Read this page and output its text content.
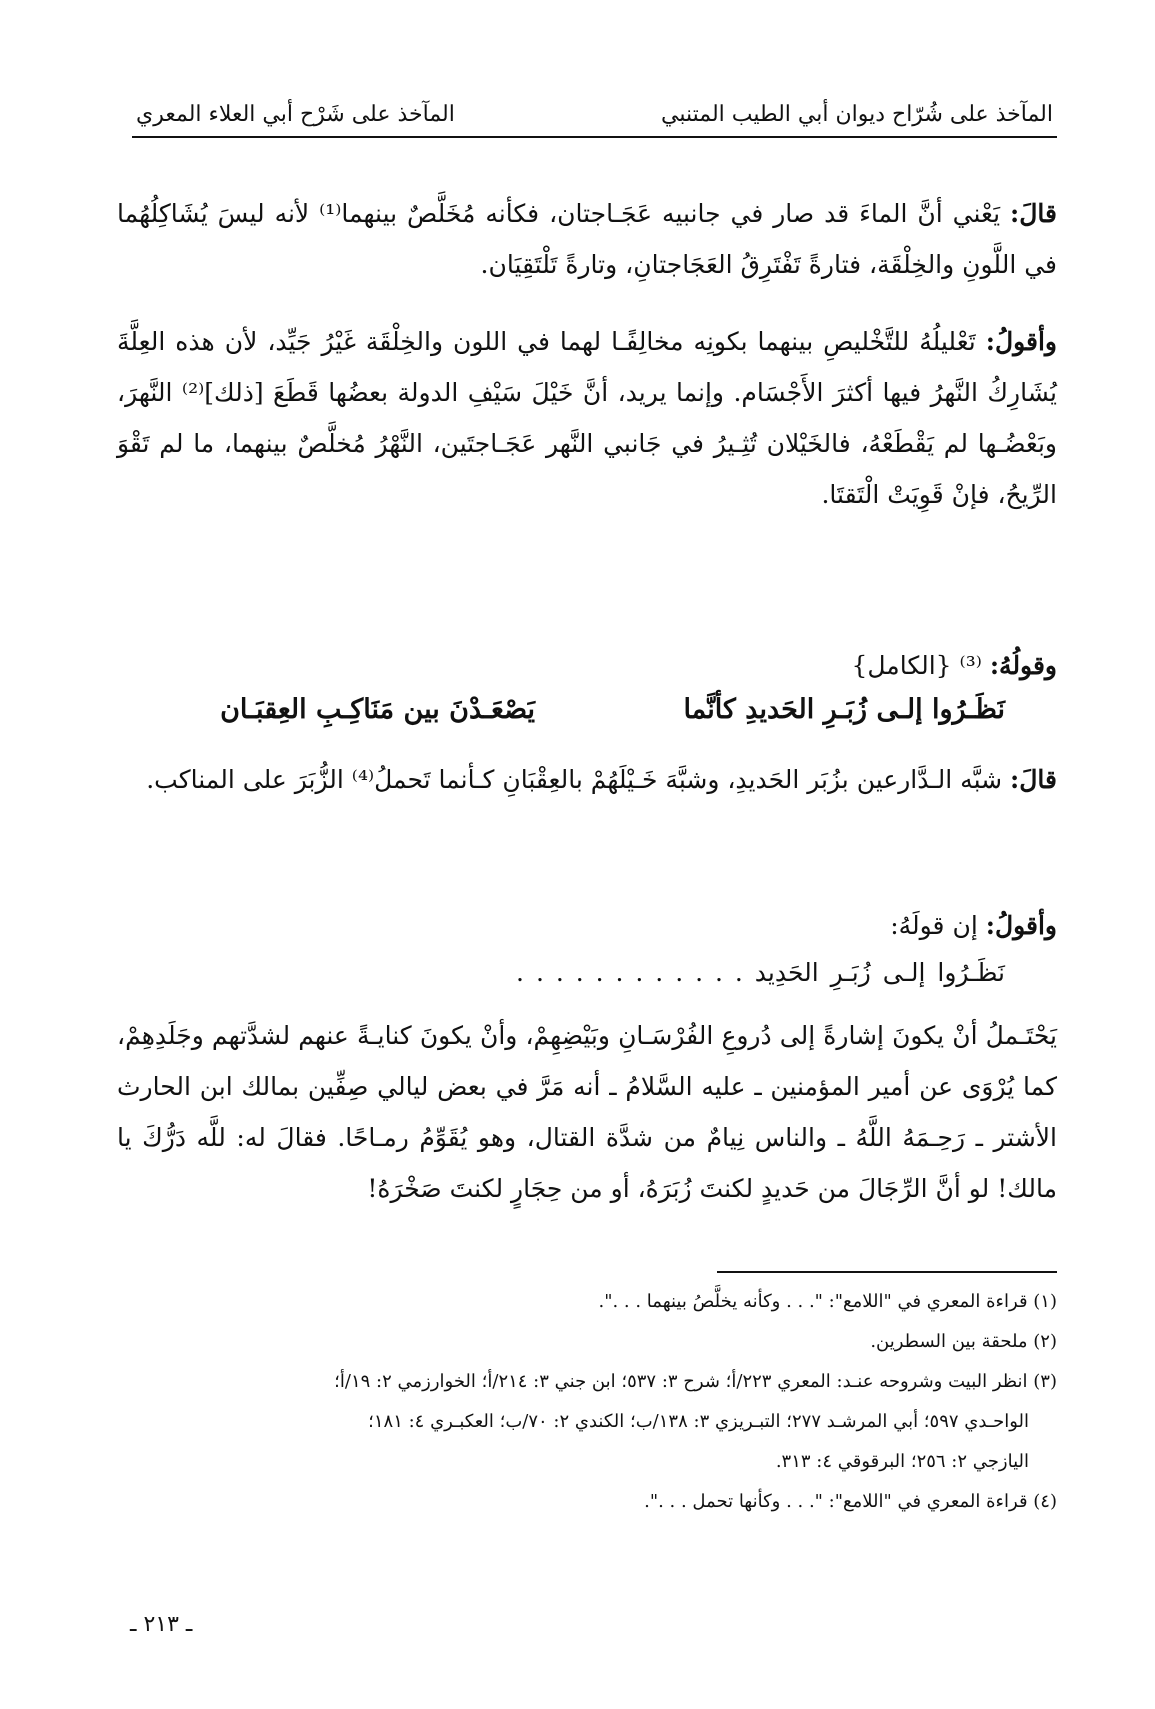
المآخذ على شُرّاح ديوان أبي الطيب المتنبي
المآخذ على شَرْح أبي العلاء المعري

قالَ: يَعْني أنَّ الماءَ قد صار في جانبيه عَجَـاجتان، فكأنه مُخَلَّصٌ بينهما⁽¹⁾ لأنه ليسَ يُشَاكِلُهُما في اللَّونِ والخِلْقَة، فتارةً تَفْتَرِقُ العَجَاجتانِ، وتارةً تَلْتَقِيَان.

وأقولُ: تَعْليلُهُ للتَّخْليصِ بينهما بكونِه مخالِفًـا لهما في اللون والخِلْقَة غَيْرُ جَيِّد، لأن هذه العِلَّةَ يُشَارِكُ النَّهرُ فيها أكثرَ الأَجْسَام. وإنما يريد، أنَّ خَيْلَ سَيْفِ الدولة بعضُها قَطَعَ [ذلك]⁽²⁾ النَّهرَ، وبَعْضُـها لم يَقْطَعْهُ، فالخَيْلان تُثِـيرُ في جَانبي النَّهر عَجَـاجتَين، النَّهْرُ مُخلَّصٌ بينهما، ما لم تَقْوَ الرِّيحُ، فإنْ قَوِيَتْ الْتَقتَا.

وقولُهُ: ⁽³⁾ {الكامل}

نَظَـرُوا إلـى زُبَـرِ الحَديدِ كأنَّما
يَصْعَـدْنَ بين مَنَاكِـبِ العِقبَـان

قالَ: شبَّه الـدَّارعين بزُبَر الحَديدِ، وشبَّهَ خَـيْلَهُمْ بالعِقْبَانِ كـأنما تَحملُ⁽⁴⁾ الزُّبَرَ على المناكب.

وأقولُ: إن قولَهُ:

نَظَـرُوا إلـى زُبَـرِ الحَدِيد . . . . . . . . . . . .

يَحْتَـملُ أنْ يكونَ إشارةً إلى دُروعِ الفُرْسَـانِ وبَيْضِهِمْ، وأنْ يكونَ كنايـةً عنهم لشدَّتهم وجَلَدِهِمْ، كما يُرْوَى عن أمير المؤمنين ـ عليه السَّلامُ ـ أنه مَرَّ في بعض ليالي صِفِّين بمالك ابن الحارث الأشتر ـ رَحِـمَهُ اللَّهُ ـ والناس نِيامٌ من شدَّة القتال، وهو يُقَوِّمُ رمـاحًا. فقالَ له: للَّه دَرُّكَ يا مالك! لو أنَّ الرِّجَالَ من حَديدٍ لكنتَ زُبَرَهُ، أو من حِجَارٍ لكنتَ صَخْرَهُ!

(١) قراءة المعري في "اللامع": ". . . وكأنه يخلَّصُ بينهما . . .".

(٢) ملحقة بين السطرين.

(٣) انظر البيت وشروحه عنـد: المعري ٢٢٣/أ؛ شرح ٣: ٥٣٧؛ ابن جني ٣: ٢١٤/أ؛ الخوارزمي ٢: ١٩/أ؛
الواحـدي ٥٩٧؛ أبي المرشـد ٢٧٧؛ التبـريزي ٣: ١٣٨/ب؛ الكندي ٢: ٧٠/ب؛ العكبـري ٤: ١٨١؛
اليازجي ٢: ٢٥٦؛ البرقوقي ٤: ٣١٣.

(٤) قراءة المعري في "اللامع": ". . . وكأنها تحمل . . .".

ـ ٢١٣ ـ
